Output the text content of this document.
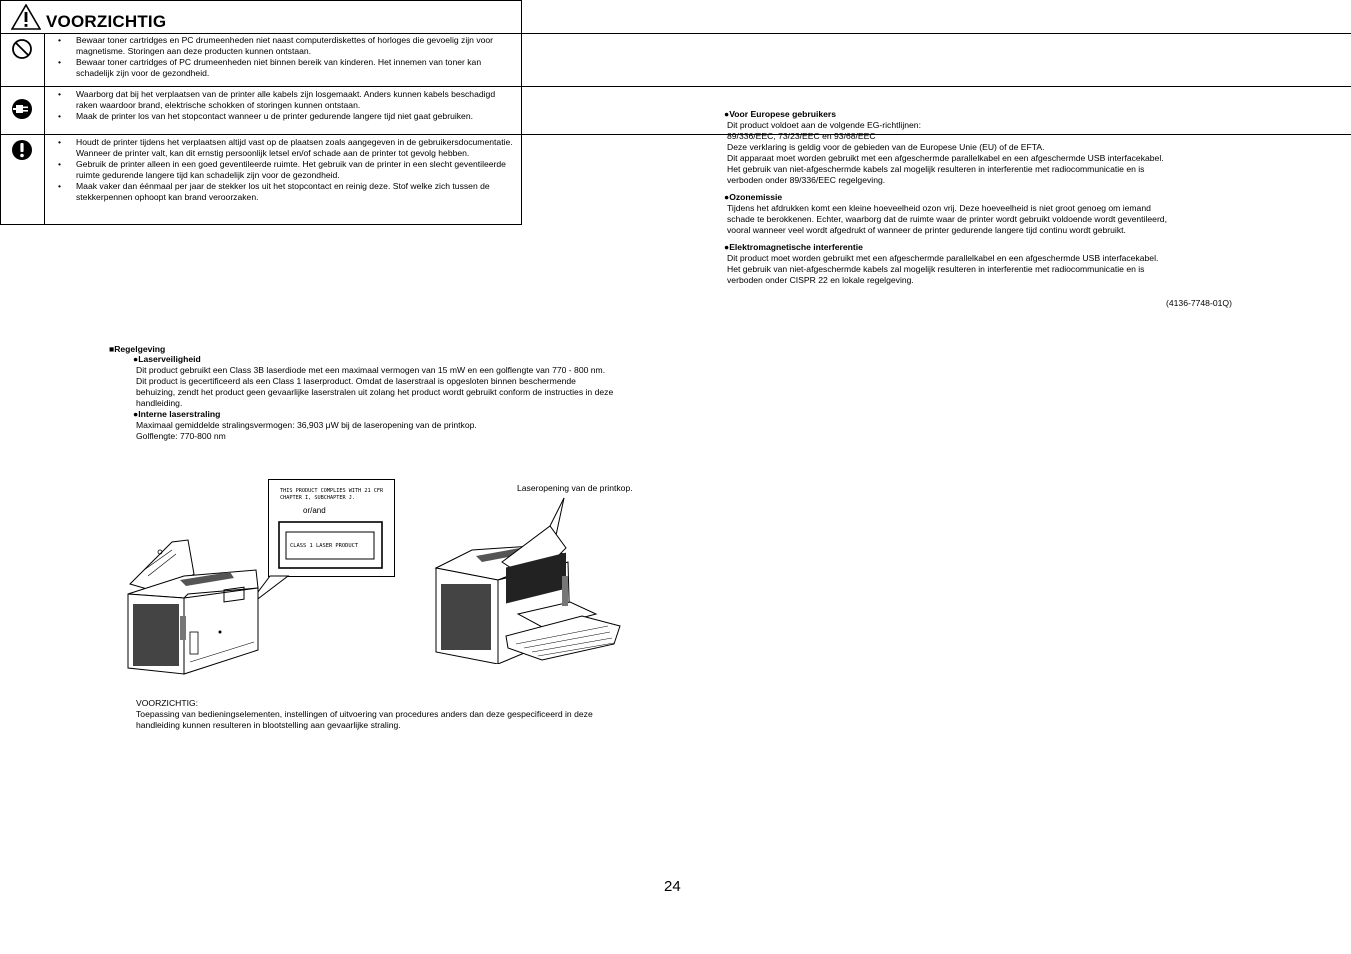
VOORZICHTIG
• Bewaar toner cartridges en PC drumeenheden niet naast computerdiskettes of horloges die gevoelig zijn voor magnetisme. Storingen aan deze producten kunnen ontstaan.
• Bewaar toner cartridges of PC drumeenheden niet binnen bereik van kinderen. Het innemen van toner kan schadelijk zijn voor de gezondheid.
• Waarborg dat bij het verplaatsen van de printer alle kabels zijn losgemaakt. Anders kunnen kabels beschadigd raken waardoor brand, elektrische schokken of storingen kunnen ontstaan.
• Maak de printer los van het stopcontact wanneer u de printer gedurende langere tijd niet gaat gebruiken.
• Houdt de printer tijdens het verplaatsen altijd vast op de plaatsen zoals aangegeven in de gebruikersdocumentatie. Wanneer de printer valt, kan dit ernstig persoonlijk letsel en/of schade aan de printer tot gevolg hebben.
• Gebruik de printer alleen in een goed geventileerde ruimte. Het gebruik van de printer in een slecht geventileerde ruimte gedurende langere tijd kan schadelijk zijn voor de gezondheid.
• Maak vaker dan éénmaal per jaar de stekker los uit het stopcontact en reinig deze. Stof welke zich tussen de stekkerpennen ophoopt kan brand veroorzaken.
■Regelgeving
●Laserveiligheid
Dit product gebruikt een Class 3B laserdiode met een maximaal vermogen van 15 mW en een golflengte van 770 - 800 nm.
Dit product is gecertificeerd als een Class 1 laserproduct. Omdat de laserstraal is opgesloten binnen beschermende
behuizing, zendt het product geen gevaarlijke laserstralen uit zolang het product wordt gebruikt conform de instructies in deze
handleiding.
●Interne laserstraling
Maximaal gemiddelde stralingsvermogen: 36,903 μW bij de laseropening van de printkop.
Golflengte: 770-800 nm
THIS PRODUCT COMPLIES WITH 21 CFR
CHAPTER I, SUBCHAPTER J.
or/and
CLASS 1 LASER PRODUCT
Laseropening van de printkop.
VOORZICHTIG:
Toepassing van bedieningselementen, instellingen of uitvoering van procedures anders dan deze gespecificeerd in deze
handleiding kunnen resulteren in blootstelling aan gevaarlijke straling.
●Voor Europese gebruikers
Dit product voldoet aan de volgende EG-richtlijnen:
89/336/EEC, 73/23/EEC en 93/68/EEC
Deze verklaring is geldig voor de gebieden van de Europese Unie (EU) of de EFTA.
Dit apparaat moet worden gebruikt met een afgeschermde parallelkabel en een afgeschermde USB interfacekabel.
Het gebruik van niet-afgeschermde kabels zal mogelijk resulteren in interferentie met radiocommunicatie en is
verboden onder 89/336/EEC regelgeving.
●Ozonemissie
Tijdens het afdrukken komt een kleine hoeveelheid ozon vrij. Deze hoeveelheid is niet groot genoeg om iemand
schade te berokkenen. Echter, waarborg dat de ruimte waar de printer wordt gebruikt voldoende wordt geventileerd,
vooral wanneer veel wordt afgedrukt of wanneer de printer gedurende langere tijd continu wordt gebruikt.
●Elektromagnetische interferentie
Dit product moet worden gebruikt met een afgeschermde parallelkabel en een afgeschermde USB interfacekabel.
Het gebruik van niet-afgeschermde kabels zal mogelijk resulteren in interferentie met radiocommunicatie en is
verboden onder CISPR 22 en lokale regelgeving.
(4136-7748-01Q)
24
